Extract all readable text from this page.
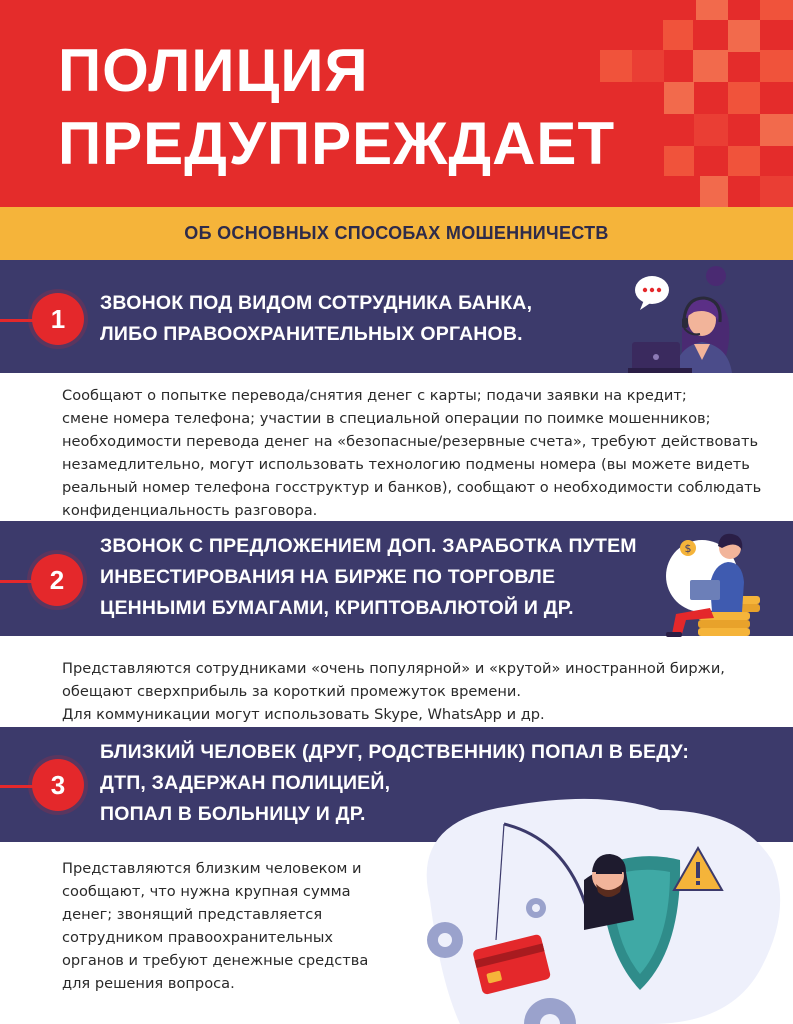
ПОЛИЦИЯ
ПРЕДУПРЕЖДАЕТ
ОБ ОСНОВНЫХ СПОСОБАХ МОШЕННИЧЕСТВ
1
ЗВОНОК ПОД ВИДОМ СОТРУДНИКА БАНКА,
ЛИБО ПРАВООХРАНИТЕЛЬНЫХ ОРГАНОВ.
Сообщают о попытке перевода/снятия денег с карты; подачи заявки на кредит;
смене номера телефона; участии в специальной операции по поимке мошенников;
необходимости перевода денег на «безопасные/резервные счета», требуют действовать
незамедлительно, могут использовать технологию подмены номера (вы можете видеть
реальный номер телефона госструктур и банков), сообщают о необходимости соблюдать
конфиденциальность разговора.
2
ЗВОНОК С ПРЕДЛОЖЕНИЕМ ДОП. ЗАРАБОТКА ПУТЕМ
ИНВЕСТИРОВАНИЯ НА БИРЖЕ ПО ТОРГОВЛЕ
ЦЕННЫМИ БУМАГАМИ, КРИПТОВАЛЮТОЙ И ДР.
$
Представляются сотрудниками «очень популярной» и «крутой» иностранной биржи,
обещают сверхприбыль за короткий промежуток времени.
Для коммуникации могут использовать Skype, WhatsApp и др.
3
БЛИЗКИЙ ЧЕЛОВЕК (ДРУГ, РОДСТВЕННИК) ПОПАЛ В БЕДУ:
ДТП, ЗАДЕРЖАН ПОЛИЦИЕЙ,
ПОПАЛ В БОЛЬНИЦУ И ДР.
Представляются близким человеком и
сообщают, что нужна крупная сумма
денег; звонящий представляется
сотрудником правоохранительных
органов и требуют денежные средства
для решения вопроса.
